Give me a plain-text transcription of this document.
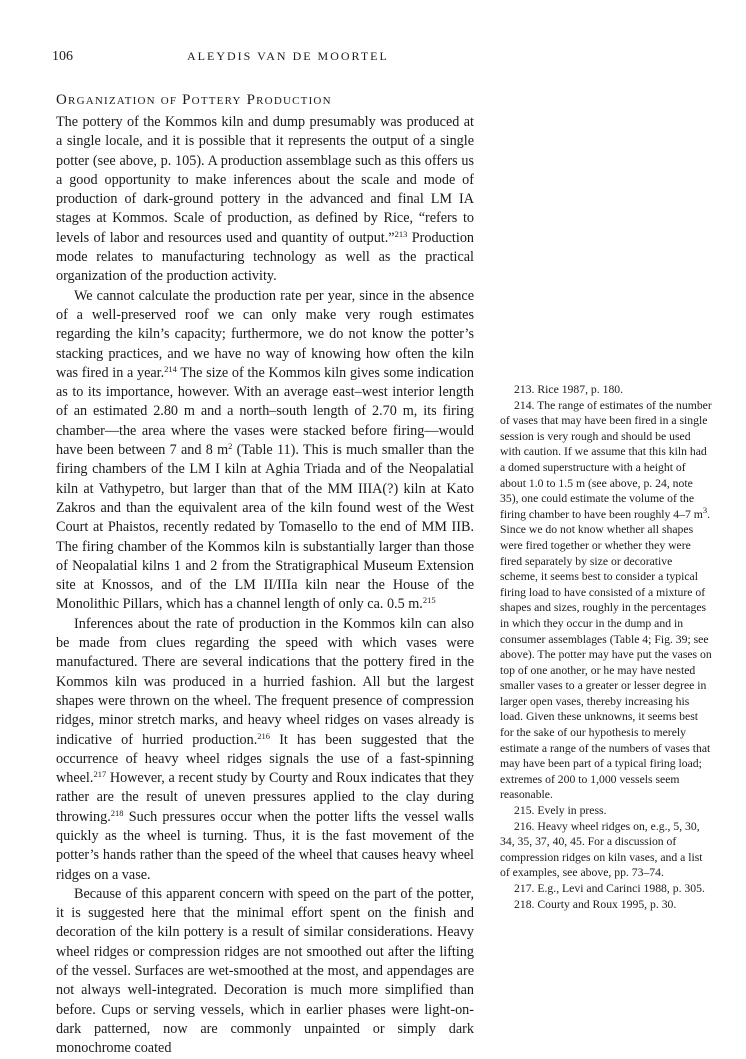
106	ALEYDIS VAN DE MOORTEL
Organization of Pottery Production

The pottery of the Kommos kiln and dump presumably was produced at a single locale, and it is possible that it represents the output of a single potter (see above, p. 105). A production assemblage such as this offers us a good opportunity to make inferences about the scale and mode of production of dark-ground pottery in the advanced and final LM IA stages at Kommos. Scale of production, as defined by Rice, “refers to levels of labor and resources used and quantity of output.”$^{213}$ Production mode relates to manufacturing technology as well as the practical organization of the production activity.

We cannot calculate the production rate per year, since in the absence of a well-preserved roof we can only make very rough estimates regarding the kiln’s capacity; furthermore, we do not know the potter’s stacking practices, and we have no way of knowing how often the kiln was fired in a year.$^{214}$ The size of the Kommos kiln gives some indication as to its importance, however. With an average east–west interior length of an estimated 2.80 m and a north–south length of 2.70 m, its firing chamber—the area where the vases were stacked before firing—would have been between 7 and 8 $m^2$ (Table 11). This is much smaller than the firing chambers of the LM I kiln at Aghia Triada and of the Neopalatial kiln at Vathypetro, but larger than that of the MM IIIA(?) kiln at Kato Zakros and than the equivalent area of the kiln found west of the West Court at Phaistos, recently redated by Tomasello to the end of MM IIB. The firing chamber of the Kommos kiln is substantially larger than those of Neopalatial kilns 1 and 2 from the Stratigraphical Museum Extension site at Knossos, and of the LM II/IIIa kiln near the House of the Monolithic Pillars, which has a channel length of only ca. 0.5 m.$^{215}$

Inferences about the rate of production in the Kommos kiln can also be made from clues regarding the speed with which vases were manufactured. There are several indications that the pottery fired in the Kommos kiln was produced in a hurried fashion. All but the largest shapes were thrown on the wheel. The frequent presence of compression ridges, minor stretch marks, and heavy wheel ridges on vases already is indicative of hurried production.$^{216}$ It has been suggested that the occurrence of heavy wheel ridges signals the use of a fast-spinning wheel.$^{217}$ However, a recent study by Courty and Roux indicates that they rather are the result of uneven pressures applied to the clay during throwing.$^{218}$ Such pressures occur when the potter lifts the vessel walls quickly as the wheel is turning. Thus, it is the fast movement of the potter’s hands rather than the speed of the wheel that causes heavy wheel ridges on a vase.

Because of this apparent concern with speed on the part of the potter, it is suggested here that the minimal effort spent on the finish and decoration of the kiln pottery is a result of similar considerations. Heavy wheel ridges or compression ridges are not smoothed out after the lifting of the vessel. Surfaces are wet-smoothed at the most, and appendages are not always well-integrated. Decoration is much more simplified than before. Cups or serving vessels, which in earlier phases were light-on-dark patterned, now are commonly unpainted or simply dark monochrome coated

213. Rice 1987, p. 180.

214. The range of estimates of the number of vases that may have been fired in a single session is very rough and should be used with caution. If we assume that this kiln had a domed superstructure with a height of about 1.0 to 1.5 m (see above, p. 24, note 35), one could estimate the volume of the firing chamber to have been roughly 4–7 $m^3$. Since we do not know whether all shapes were fired together or whether they were fired separately by size or decorative scheme, it seems best to consider a typical firing load to have consisted of a mixture of shapes and sizes, roughly in the percentages in which they occur in the dump and in consumer assemblages (Table 4; Fig. 39; see above). The potter may have put the vases on top of one another, or he may have nested smaller vases to a greater or lesser degree in larger open vases, thereby increasing his load. Given these unknowns, it seems best for the sake of our hypothesis to merely estimate a range of the numbers of vases that may have been part of a typical firing load; extremes of 200 to 1,000 vessels seem reasonable.

215. Evely in press.

216. Heavy wheel ridges on, e.g., 5, 30, 34, 35, 37, 40, 45. For a discussion of compression ridges on kiln vases, and a list of examples, see above, pp. 73–74.

217. E.g., Levi and Carinci 1988, p. 305.

218. Courty and Roux 1995, p. 30.
